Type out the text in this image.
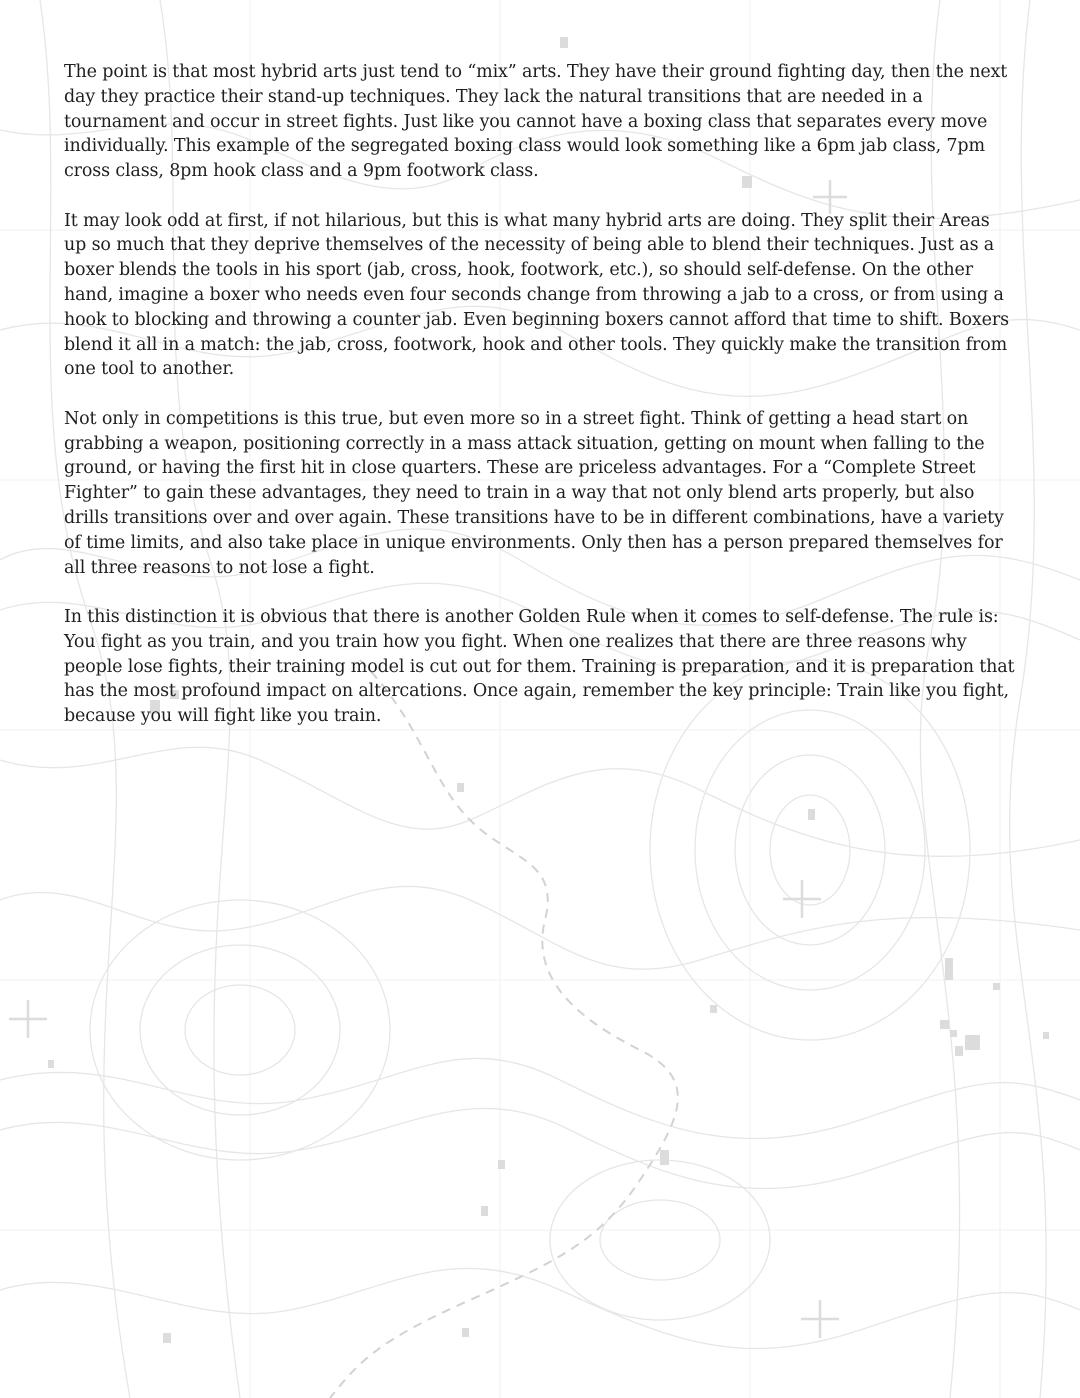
The point is that most hybrid arts just tend to “mix” arts. They have their ground fighting day, then the next day they practice their stand-up techniques. They lack the natural transitions that are needed in a tournament and occur in street fights. Just like you cannot have a boxing class that separates every move individually. This example of the segregated boxing class would look something like a 6pm jab class, 7pm cross class, 8pm hook class and a 9pm footwork class.

It may look odd at first, if not hilarious, but this is what many hybrid arts are doing. They split their Areas up so much that they deprive themselves of the necessity of being able to blend their techniques. Just as a boxer blends the tools in his sport (jab, cross, hook, footwork, etc.), so should self-defense. On the other hand, imagine a boxer who needs even four seconds change from throwing a jab to a cross, or from using a hook to blocking and throwing a counter jab. Even beginning boxers cannot afford that time to shift. Boxers blend it all in a match: the jab, cross, footwork, hook and other tools. They quickly make the transition from one tool to another.

Not only in competitions is this true, but even more so in a street fight. Think of getting a head start on grabbing a weapon, positioning correctly in a mass attack situation, getting on mount when falling to the ground, or having the first hit in close quarters. These are priceless advantages. For a “Complete Street Fighter” to gain these advantages, they need to train in a way that not only blend arts properly, but also drills transitions over and over again. These transitions have to be in different combinations, have a variety of time limits, and also take place in unique environments. Only then has a person prepared themselves for all three reasons to not lose a fight.

In this distinction it is obvious that there is another Golden Rule when it comes to self-defense. The rule is: You fight as you train, and you train how you fight. When one realizes that there are three reasons why people lose fights, their training model is cut out for them. Training is preparation, and it is preparation that has the most profound impact on altercations. Once again, remember the key principle: Train like you fight, because you will fight like you train.
